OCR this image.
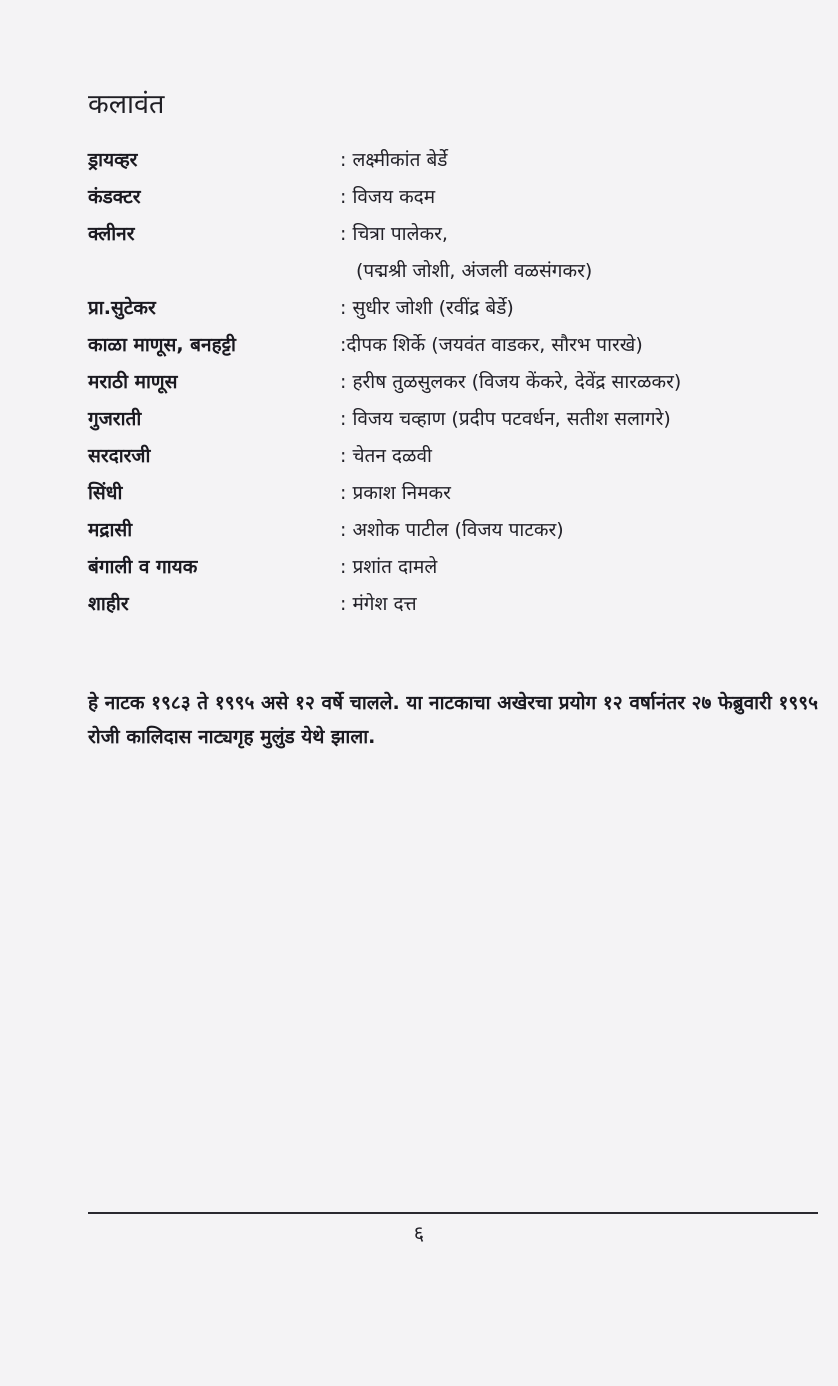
कलावंत
ड्रायव्हर	: लक्ष्मीकांत बेर्डे
कंडक्टर	: विजय कदम
क्लीनर	: चित्रा पालेकर,
(पद्मश्री जोशी, अंजली वळसंगकर)
प्रा.सुटेकर	: सुधीर जोशी (रवींद्र बेर्डे)
काळा माणूस, बनहट्टी	:दीपक शिर्के (जयवंत वाडकर, सौरभ पारखे)
मराठी माणूस	: हरीष तुळसुलकर (विजय केंकरे, देवेंद्र सारळकर)
गुजराती	: विजय चव्हाण (प्रदीप पटवर्धन, सतीश सलागरे)
सरदारजी	: चेतन दळवी
सिंधी	: प्रकाश निमकर
मद्रासी	: अशोक पाटील (विजय पाटकर)
बंगाली व गायक	: प्रशांत दामले
शाहीर	: मंगेश दत्त
हे नाटक १९८३ ते १९९५ असे १२ वर्षे चालले. या नाटकाचा अखेरचा प्रयोग १२ वर्षानंतर २७ फेब्रुवारी १९९५ रोजी कालिदास नाट्यगृह मुलुंड येथे झाला.
६
